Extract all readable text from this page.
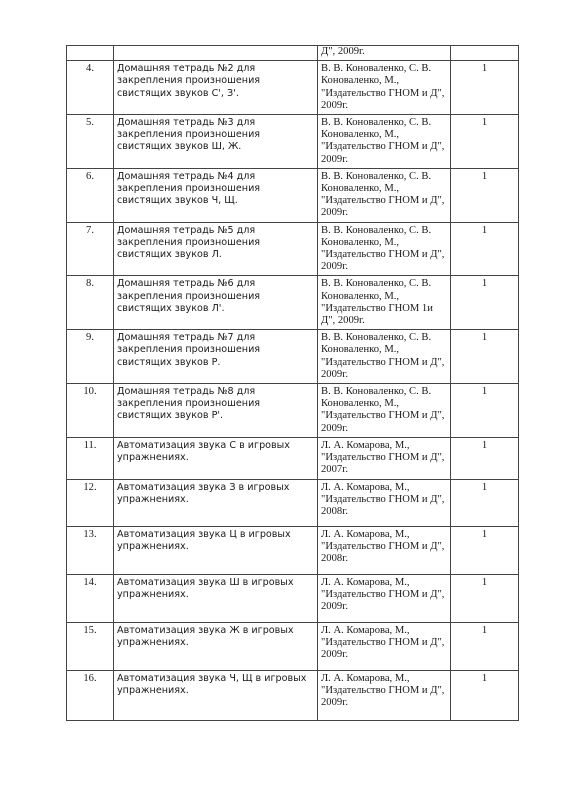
		Д", 2009г.	
4.	Домашняя тетрадь №2 для закрепления произношения свистящих звуков С', З'.	В. В. Коноваленко, С. В. Коноваленко, М., "Издательство ГНОМ и Д", 2009г.	1
5.	Домашняя тетрадь №3 для закрепления произношения свистящих звуков Ш, Ж.	В. В. Коноваленко, С. В. Коноваленко, М., "Издательство ГНОМ и Д", 2009г.	1
6.	Домашняя тетрадь №4 для закрепления произношения свистящих звуков Ч, Щ.	В. В. Коноваленко, С. В. Коноваленко, М., "Издательство ГНОМ и Д", 2009г.	1
7.	Домашняя тетрадь №5 для закрепления произношения свистящих звуков Л.	В. В. Коноваленко, С. В. Коноваленко, М., "Издательство ГНОМ и Д", 2009г.	1
8.	Домашняя тетрадь №6 для закрепления произношения свистящих звуков Л'.	В. В. Коноваленко, С. В. Коноваленко, М., "Издательство ГНОМ 1и Д", 2009г.	1
9.	Домашняя тетрадь №7 для закрепления произношения свистящих звуков Р.	В. В. Коноваленко, С. В. Коноваленко, М., "Издательство ГНОМ и Д", 2009г.	1
10.	Домашняя тетрадь №8 для закрепления произношения свистящих звуков Р'.	В. В. Коноваленко, С. В. Коноваленко, М., "Издательство ГНОМ и Д", 2009г.	1
11.	Автоматизация звука С в игровых упражнениях.	Л. А. Комарова, М., "Издательство ГНОМ и Д", 2007г.	1
12.	Автоматизация звука З в игровых упражнениях.	Л. А. Комарова, М., "Издательство ГНОМ и Д", 2008г.	1
13.	Автоматизация звука Ц в игровых упражнениях.	Л. А. Комарова, М., "Издательство ГНОМ и Д", 2008г.	1
14.	Автоматизация звука Ш в игровых упражнениях.	Л. А. Комарова, М., "Издательство ГНОМ и Д", 2009г.	1
15.	Автоматизация звука Ж в игровых упражнениях.	Л. А. Комарова, М., "Издательство ГНОМ и Д", 2009г.	1
16.	Автоматизация звука Ч, Щ в игровых упражнениях.	Л. А. Комарова, М., "Издательство ГНОМ и Д", 2009г.	1
